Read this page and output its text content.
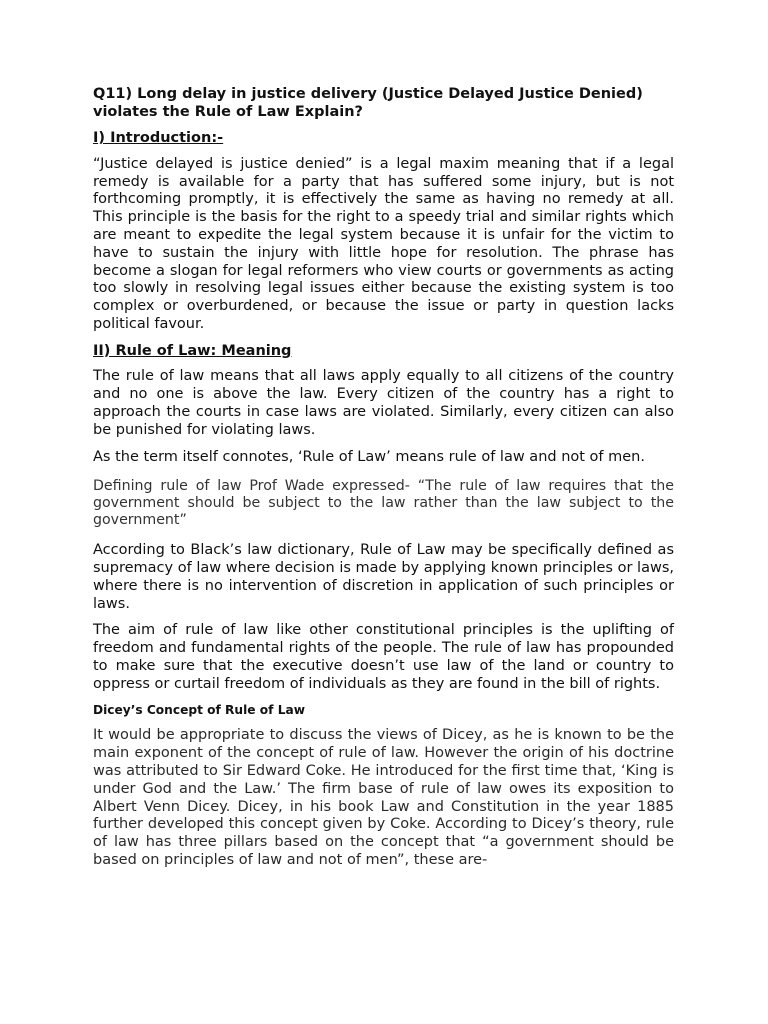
Q11) Long delay in justice delivery (Justice Delayed Justice Denied) violates the Rule of Law Explain?
I) Introduction:-

“Justice delayed is justice denied” is a legal maxim meaning that if a legal remedy is available for a party that has suffered some injury, but is not forthcoming promptly, it is effectively the same as having no remedy at all. This principle is the basis for the right to a speedy trial and similar rights which are meant to expedite the legal system because it is unfair for the victim to have to sustain the injury with little hope for resolution. The phrase has become a slogan for legal reformers who view courts or governments as acting too slowly in resolving legal issues either because the existing system is too complex or overburdened, or because the issue or party in question lacks political favour.

II) Rule of Law: Meaning

The rule of law means that all laws apply equally to all citizens of the country and no one is above the law. Every citizen of the country has a right to approach the courts in case laws are violated. Similarly, every citizen can also be punished for violating laws.

As the term itself connotes, ‘Rule of Law’ means rule of law and not of men.

Defining rule of law Prof Wade expressed- “The rule of law requires that the government should be subject to the law rather than the law subject to the government”

According to Black’s law dictionary, Rule of Law may be specifically defined as supremacy of law where decision is made by applying known principles or laws, where there is no intervention of discretion in application of such principles or laws.

The aim of rule of law like other constitutional principles is the uplifting of freedom and fundamental rights of the people. The rule of law has propounded to make sure that the executive doesn’t use law of the land or country to oppress or curtail freedom of individuals as they are found in the bill of rights.

Dicey’s Concept of Rule of Law

It would be appropriate to discuss the views of Dicey, as he is known to be the main exponent of the concept of rule of law. However the origin of his doctrine was attributed to Sir Edward Coke. He introduced for the first time that, ‘King is under God and the Law.’ The firm base of rule of law owes its exposition to Albert Venn Dicey. Dicey, in his book Law and Constitution in the year 1885 further developed this concept given by Coke. According to Dicey’s theory, rule of law has three pillars based on the concept that “a government should be based on principles of law and not of men”, these are-
